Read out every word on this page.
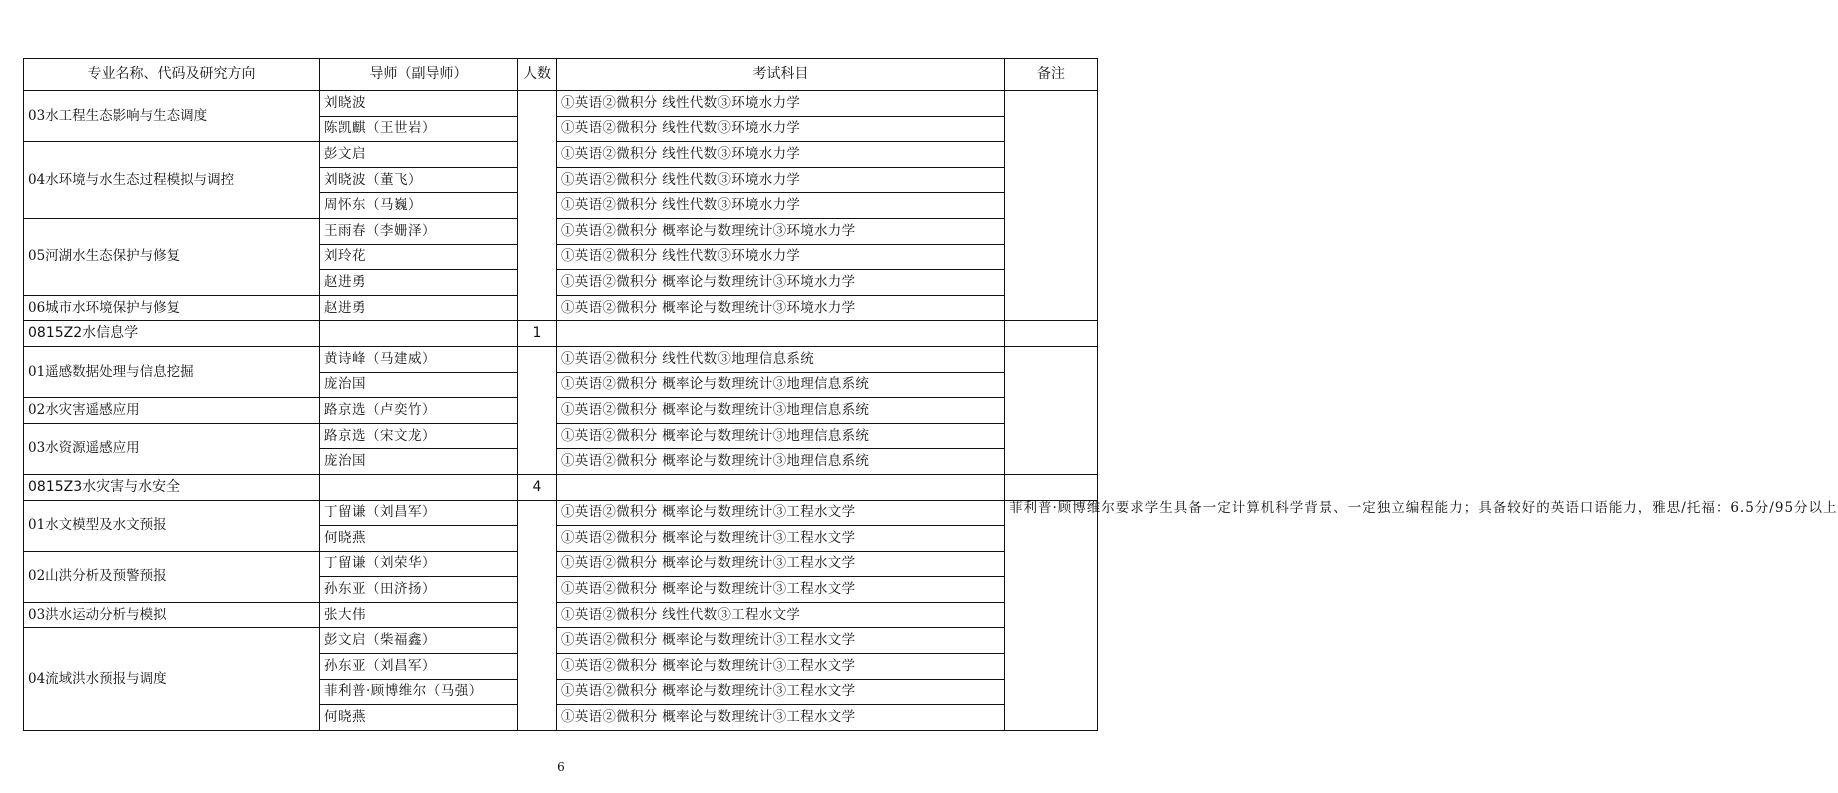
专业名称、代码及研究方向	导师（副导师）	人数	考试科目	备注
03水工程生态影响与生态调度	刘晓波		①英语②微积分 线性代数③环境水力学	
	陈凯麒（王世岩）		①英语②微积分 线性代数③环境水力学	
04水环境与水生态过程模拟与调控	彭文启		①英语②微积分 线性代数③环境水力学	
	刘晓波（董飞）		①英语②微积分 线性代数③环境水力学	
	周怀东（马巍）		①英语②微积分 线性代数③环境水力学	
05河湖水生态保护与修复	王雨春（李姗泽）		①英语②微积分 概率论与数理统计③环境水力学	
	刘玲花		①英语②微积分 线性代数③环境水力学	
	赵进勇		①英语②微积分 概率论与数理统计③环境水力学	
06城市水环境保护与修复	赵进勇		①英语②微积分 概率论与数理统计③环境水力学	
0815Z2水信息学		1		
01遥感数据处理与信息挖掘	黄诗峰（马建威）		①英语②微积分 线性代数③地理信息系统	
	庞治国		①英语②微积分 概率论与数理统计③地理信息系统	
02水灾害遥感应用	路京选（卢奕竹）		①英语②微积分 概率论与数理统计③地理信息系统	
03水资源遥感应用	路京选（宋文龙）		①英语②微积分 概率论与数理统计③地理信息系统	
	庞治国		①英语②微积分 概率论与数理统计③地理信息系统	
0815Z3水灾害与水安全		4		
01水文模型及水文预报	丁留谦（刘昌军）		①英语②微积分 概率论与数理统计③工程水文学	菲利普·顾博维尔要求学生具备一定计算机科学背景、一定独立编程能力；具备较好的英语口语能力，雅思/托福：6.5分/95分以上
	何晓燕		①英语②微积分 概率论与数理统计③工程水文学	
02山洪分析及预警预报	丁留谦（刘荣华）		①英语②微积分 概率论与数理统计③工程水文学	
	孙东亚（田济扬）		①英语②微积分 概率论与数理统计③工程水文学	
03洪水运动分析与模拟	张大伟		①英语②微积分 线性代数③工程水文学	
04流域洪水预报与调度	彭文启（柴福鑫）		①英语②微积分 概率论与数理统计③工程水文学	
	孙东亚（刘昌军）		①英语②微积分 概率论与数理统计③工程水文学	
	菲利普·顾博维尔（马强）		①英语②微积分 概率论与数理统计③工程水文学	
	何晓燕		①英语②微积分 概率论与数理统计③工程水文学	
6
